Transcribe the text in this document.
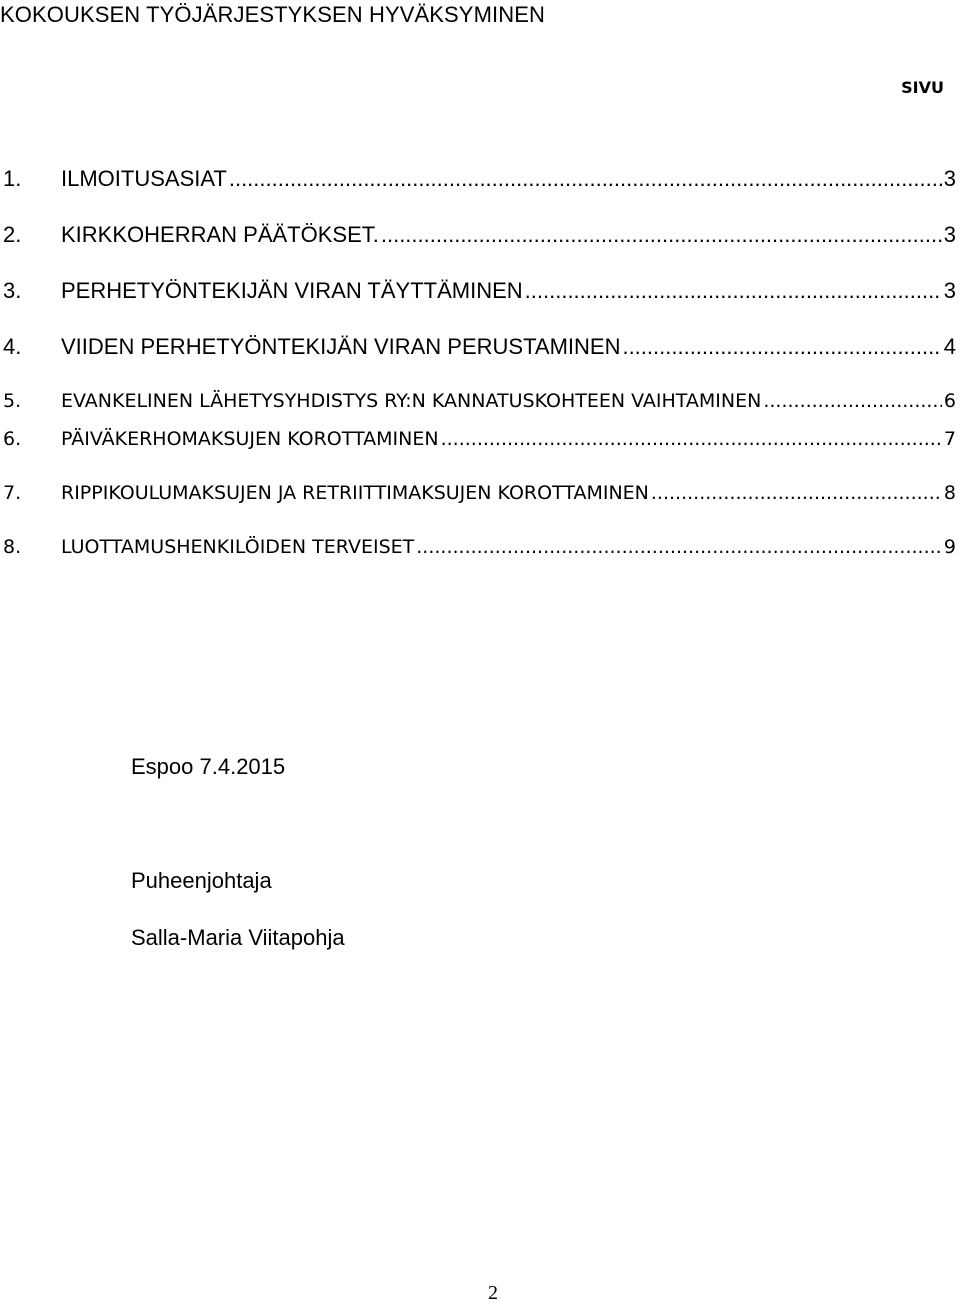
KOKOUKSEN TYÖJÄRJESTYKSEN HYVÄKSYMINEN
SIVU
1.	ILMOITUSASIAT .....	3
2.	KIRKKOHERRAN PÄÄTÖKSET. .....	3
3.	PERHETYÖNTEKIJÄN VIRAN TÄYTTÄMINEN .....	3
4.	VIIDEN PERHETYÖNTEKIJÄN VIRAN PERUSTAMINEN .....	4
5.	EVANKELINEN LÄHETYSYHDISTYS RY:N KANNATUSKOHTEEN VAIHTAMINEN .....	6
6.	PÄIVÄKERHOMAKSUJEN KOROTTAMINEN .....	7
7.	RIPPIKOULUMAKSUJEN JA RETRIITTIMAKSUJEN KOROTTAMINEN .....	8
8.	LUOTTAMUSHENKILÖIDEN TERVEISET .....	9
Espoo 7.4.2015
Puheenjohtaja
Salla-Maria Viitapohja
2
